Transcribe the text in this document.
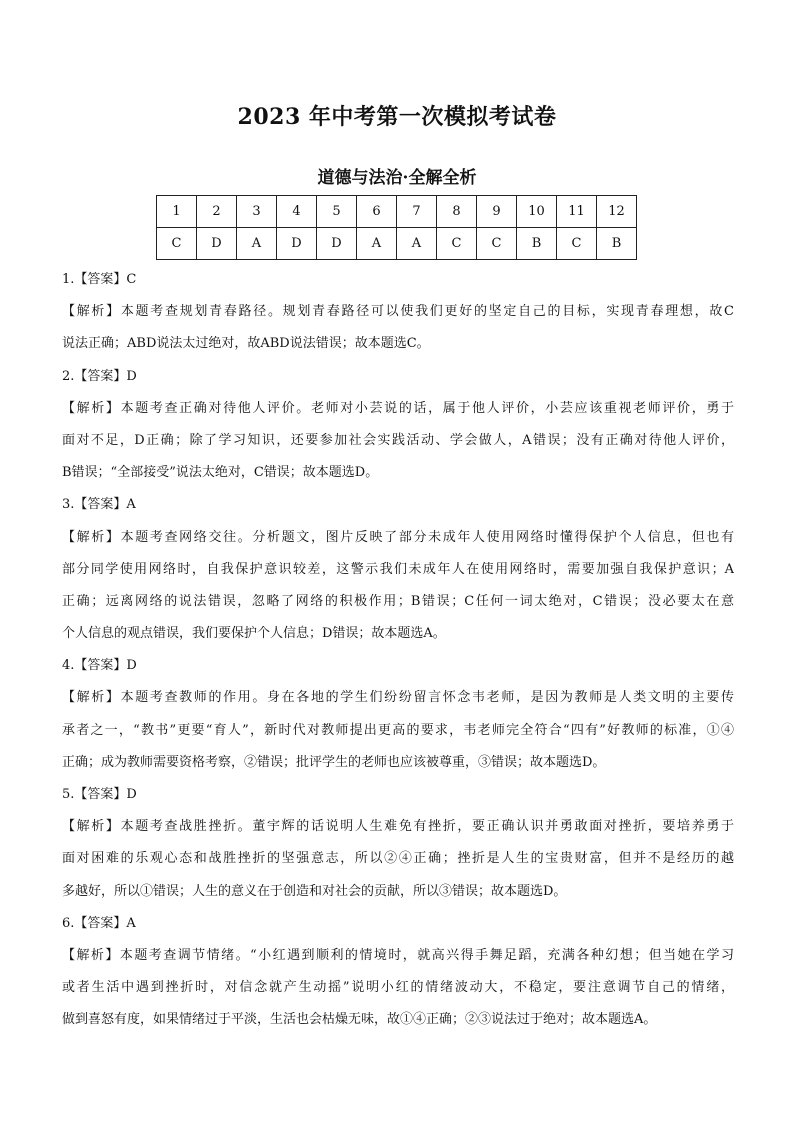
2023 年中考第一次模拟考试卷
道德与法治·全解全析
1	2	3	4	5	6	7	8	9	10	11	12
C	D	A	D	D	A	A	C	C	B	C	B
1.【答案】C
【解析】本题考查规划青春路径。规划青春路径可以使我们更好的坚定自己的目标，实现青春理想，故C
说法正确；ABD说法太过绝对，故ABD说法错误；故本题选C。
2.【答案】D
【解析】本题考查正确对待他人评价。老师对小芸说的话，属于他人评价，小芸应该重视老师评价，勇于
面对不足，D正确；除了学习知识，还要参加社会实践活动、学会做人，A错误；没有正确对待他人评价，
B错误；“全部接受”说法太绝对，C错误；故本题选D。
3.【答案】A
【解析】本题考查网络交往。分析题文，图片反映了部分未成年人使用网络时懂得保护个人信息，但也有
部分同学使用网络时，自我保护意识较差，这警示我们未成年人在使用网络时，需要加强自我保护意识；A
正确；远离网络的说法错误，忽略了网络的积极作用；B错误；C任何一词太绝对，C错误；没必要太在意
个人信息的观点错误，我们要保护个人信息；D错误；故本题选A。
4.【答案】D
【解析】本题考查教师的作用。身在各地的学生们纷纷留言怀念韦老师，是因为教师是人类文明的主要传
承者之一，“教书”更要“育人”，新时代对教师提出更高的要求，韦老师完全符合“四有”好教师的标准，①④
正确；成为教师需要资格考察，②错误；批评学生的老师也应该被尊重，③错误；故本题选D。
5.【答案】D
【解析】本题考查战胜挫折。董宇辉的话说明人生难免有挫折，要正确认识并勇敢面对挫折，要培养勇于
面对困难的乐观心态和战胜挫折的坚强意志，所以②④正确；挫折是人生的宝贵财富，但并不是经历的越
多越好，所以①错误；人生的意义在于创造和对社会的贡献，所以③错误；故本题选D。
6.【答案】A
【解析】本题考查调节情绪。“小红遇到顺利的情境时，就高兴得手舞足蹈，充满各种幻想；但当她在学习
或者生活中遇到挫折时，对信念就产生动摇”说明小红的情绪波动大，不稳定，要注意调节自己的情绪，
做到喜怒有度，如果情绪过于平淡，生活也会枯燥无味，故①④正确；②③说法过于绝对；故本题选A。
